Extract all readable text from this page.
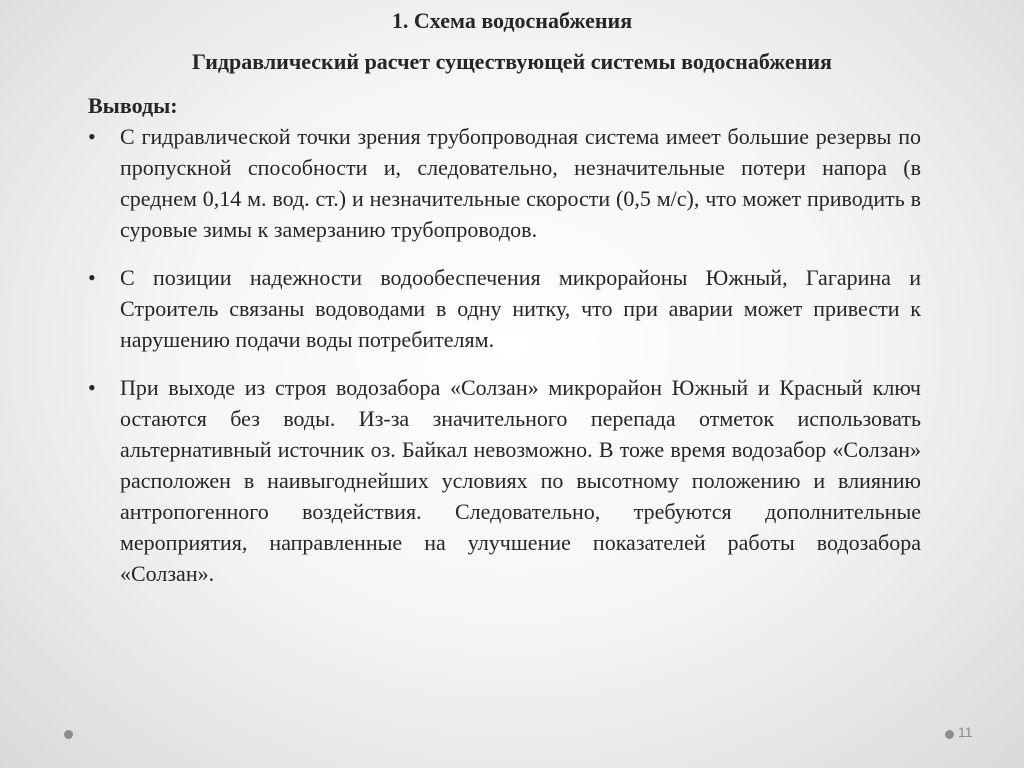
1. Схема водоснабжения
Гидравлический расчет существующей системы водоснабжения

Выводы:

• С гидравлической точки зрения трубопроводная система имеет большие резервы по пропускной способности и, следовательно, незначительные потери напора (в среднем 0,14 м. вод. ст.) и незначительные скорости (0,5 м/с), что может приводить в суровые зимы к замерзанию трубопроводов.
• С позиции надежности водообеспечения микрорайоны Южный, Гагарина и Строитель связаны водоводами в одну нитку, что при аварии может привести к нарушению подачи воды потребителям.
• При выходе из строя водозабора «Солзан» микрорайон Южный и Красный ключ остаются без воды. Из-за значительного перепада отметок использовать альтернативный источник оз. Байкал невозможно. В тоже время водозабор «Солзан» расположен в наивыгоднейших условиях по высотному положению и влиянию антропогенного воздействия. Следовательно, требуются дополнительные мероприятия, направленные на улучшение показателей работы водозабора «Солзан».
11
